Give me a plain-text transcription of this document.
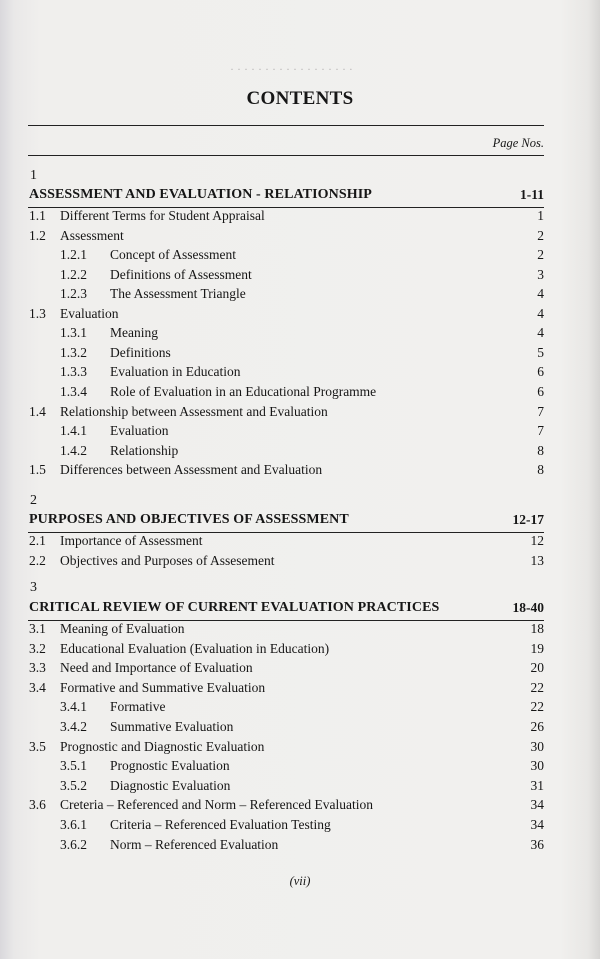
· · · · · · · · · · · · · · · · · ·
CONTENTS
Page Nos.
1
ASSESSMENT AND EVALUATION - RELATIONSHIP	1-11
1.1 Different Terms for Student Appraisal	1
1.2 Assessment	2
1.2.1 Concept of Assessment	2
1.2.2 Definitions of Assessment	3
1.2.3 The Assessment Triangle	4
1.3 Evaluation	4
1.3.1 Meaning	4
1.3.2 Definitions	5
1.3.3 Evaluation in Education	6
1.3.4 Role of Evaluation in an Educational Programme	6
1.4 Relationship between Assessment and Evaluation	7
1.4.1 Evaluation	7
1.4.2 Relationship	8
1.5 Differences between Assessment and Evaluation	8
2
PURPOSES AND OBJECTIVES OF ASSESSMENT	12-17
2.1 Importance of Assessment	12
2.2 Objectives and Purposes of Assesement	13
3
CRITICAL REVIEW OF CURRENT EVALUATION PRACTICES	18-40
3.1 Meaning of Evaluation	18
3.2 Educational Evaluation (Evaluation in Education)	19
3.3 Need and Importance of Evaluation	20
3.4 Formative and Summative Evaluation	22
3.4.1 Formative	22
3.4.2 Summative Evaluation	26
3.5 Prognostic and Diagnostic Evaluation	30
3.5.1 Prognostic Evaluation	30
3.5.2 Diagnostic Evaluation	31
3.6 Creteria – Referenced and Norm – Referenced Evaluation	34
3.6.1 Criteria – Referenced Evaluation Testing	34
3.6.2 Norm – Referenced Evaluation	36
(vii)
